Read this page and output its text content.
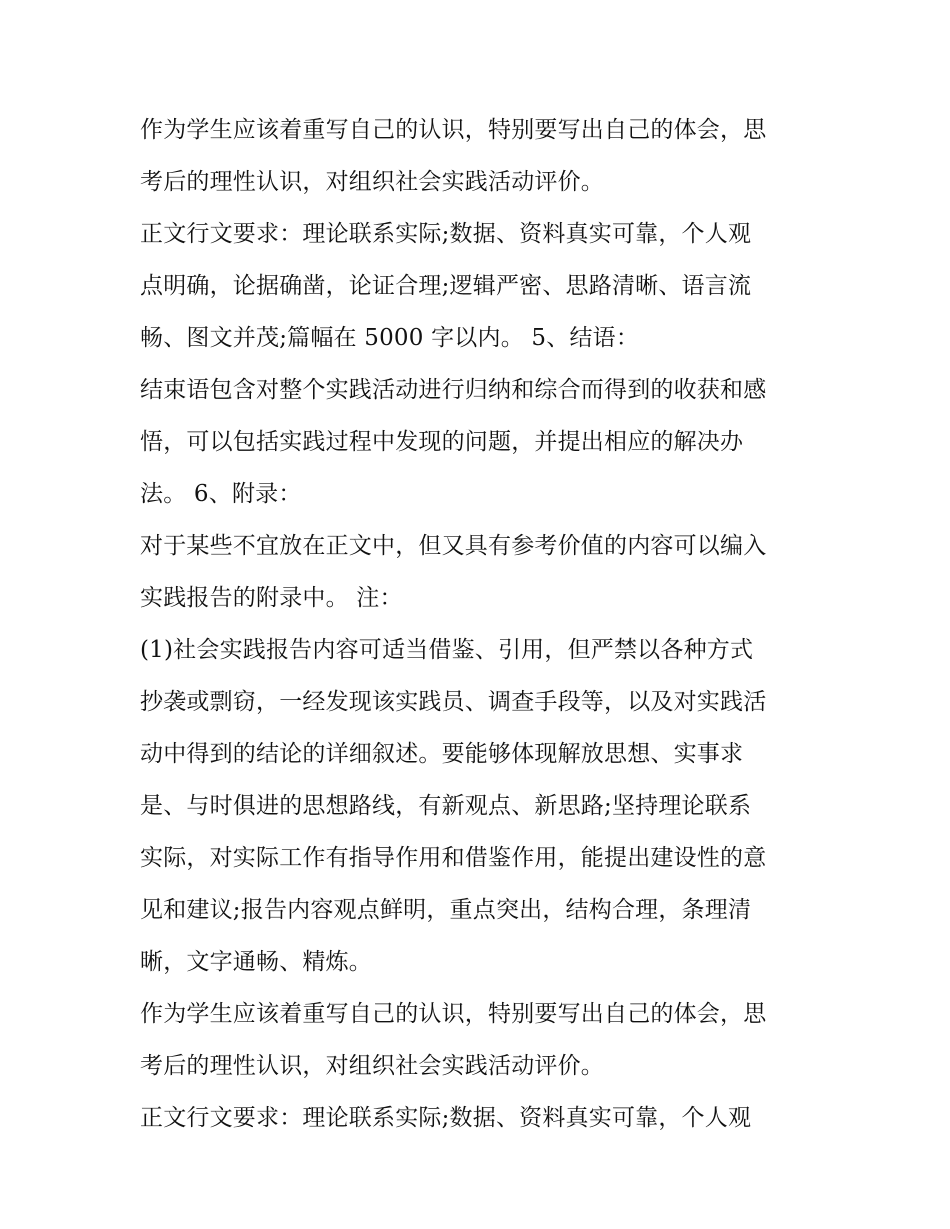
作为学生应该着重写自己的认识，特别要写出自己的体会，思
考后的理性认识，对组织社会实践活动评价。
正文行文要求：理论联系实际;数据、资料真实可靠，个人观
点明确，论据确凿，论证合理;逻辑严密、思路清晰、语言流
畅、图文并茂;篇幅在 5000 字以内。 5、结语：
结束语包含对整个实践活动进行归纳和综合而得到的收获和感
悟，可以包括实践过程中发现的问题，并提出相应的解决办
法。 6、附录：
对于某些不宜放在正文中，但又具有参考价值的内容可以编入
实践报告的附录中。 注：
(1)社会实践报告内容可适当借鉴、引用，但严禁以各种方式
抄袭或剽窃，一经发现该实践员、调查手段等，以及对实践活
动中得到的结论的详细叙述。要能够体现解放思想、实事求
是、与时俱进的思想路线，有新观点、新思路;坚持理论联系
实际，对实际工作有指导作用和借鉴作用，能提出建设性的意
见和建议;报告内容观点鲜明，重点突出，结构合理，条理清
晰，文字通畅、精炼。
作为学生应该着重写自己的认识，特别要写出自己的体会，思
考后的理性认识，对组织社会实践活动评价。
正文行文要求：理论联系实际;数据、资料真实可靠，个人观
